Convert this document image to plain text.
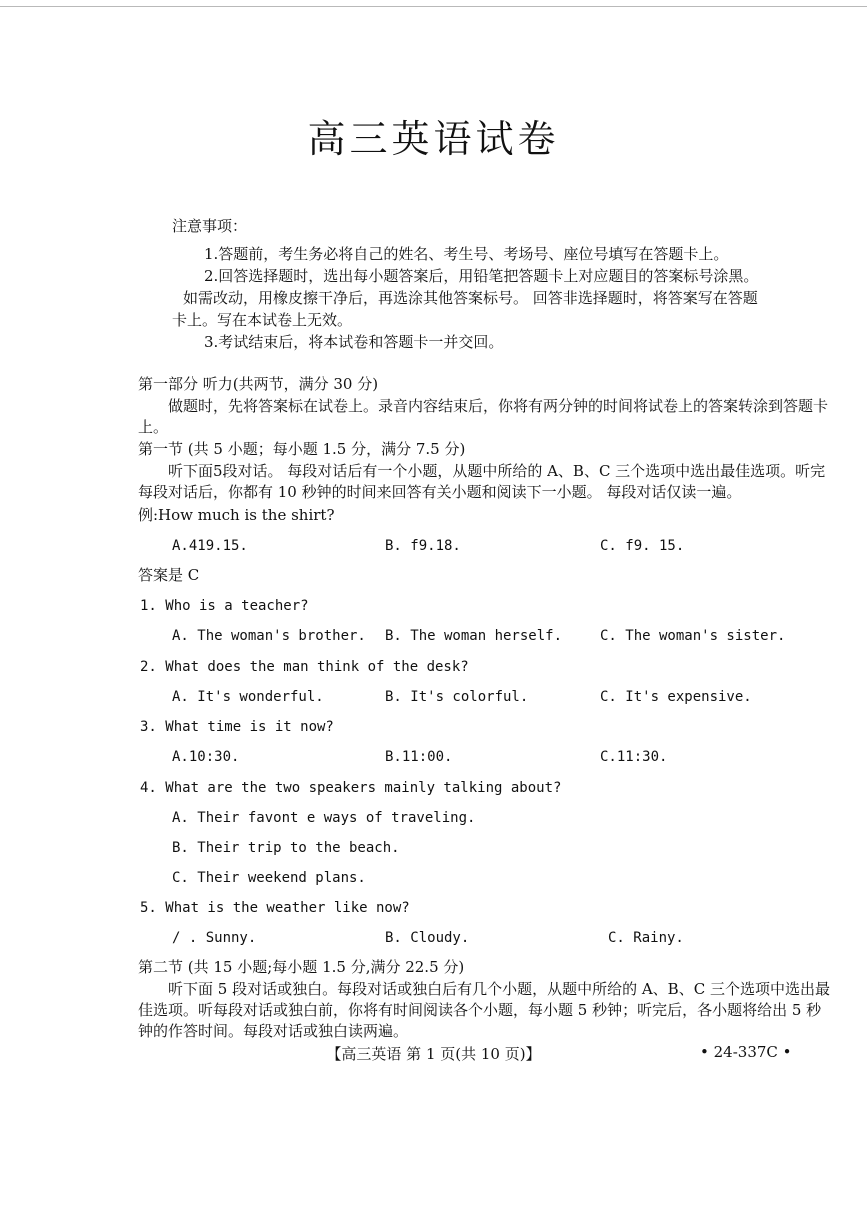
高三英语试卷
注意事项：
1.答题前，考生务必将自己的姓名、考生号、考场号、座位号填写在答题卡上。
2.回答选择题时，选出每小题答案后，用铅笔把答题卡上对应题目的答案标号涂黑。
如需改动，用橡皮擦干净后，再选涂其他答案标号。 回答非选择题时，将答案写在答题
卡上。写在本试卷上无效。
3.考试结束后，将本试卷和答题卡一并交回。
第一部分 听力(共两节，满分 30 分)
做题时，先将答案标在试卷上。录音内容结束后，你将有两分钟的时间将试卷上的答案转涂到答题卡上。
第一节 (共 5 小题；每小题 1.5 分，满分 7.5 分)
听下面5段对话。 每段对话后有一个小题，从题中所给的 A、B、C 三个选项中选出最佳选项。听完每段对话后，你都有 10 秒钟的时间来回答有关小题和阅读下一小题。 每段对话仅读一遍。
例:How much is the shirt?
A.419.15.	B. f9.18.	C. f9. 15.
答案是 C
1. Who is a teacher?
A. The woman's brother. B. The woman herself.	C. The woman's sister.
2. What does the man think of the desk?
A. It's wonderful.	B. It's colorful.	C. It's expensive.
3. What time is it now?
A.10:30.	B.11:00.	C.11:30.
4. What are the two speakers mainly talking about?
A. Their favont e ways of traveling.
B. Their trip to the beach.
C. Their weekend plans.
5. What is the weather like now?
/ . Sunny.	B. Cloudy.	C. Rainy.
第二节 (共 15 小题;每小题 1.5 分,满分 22.5 分)
听下面 5 段对话或独白。每段对话或独白后有几个小题，从题中所给的 A、B、C 三个选项中选出最佳选项。听每段对话或独白前，你将有时间阅读各个小题，每小题 5 秒钟；听完后，各小题将给出 5 秒钟的作答时间。每段对话或独白读两遍。
【高三英语 第 1 页(共 10 页)】	• 24-337C •
